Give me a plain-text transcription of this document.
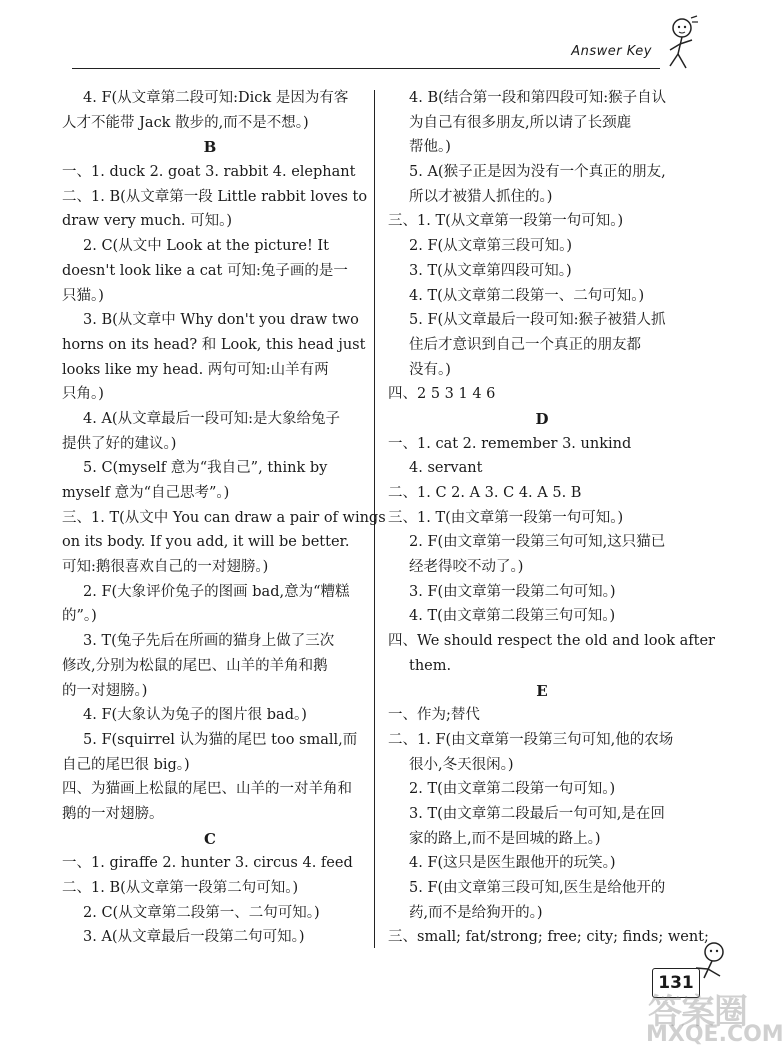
Answer Key
4. F(从文章第二段可知:Dick 是因为有客
人才不能带 Jack 散步的,而不是不想。)
B
一、1. duck 2. goat 3. rabbit 4. elephant
二、1. B(从文章第一段 Little rabbit loves to
draw very much. 可知。)
2. C(从文中 Look at the picture! It
doesn't look like a cat 可知:兔子画的是一
只猫。)
3. B(从文章中 Why don't you draw two
horns on its head? 和 Look, this head just
looks like my head. 两句可知:山羊有两
只角。)
4. A(从文章最后一段可知:是大象给兔子
提供了好的建议。)
5. C(myself 意为“我自己”, think by
myself 意为“自己思考”。)
三、1. T(从文中 You can draw a pair of wings
on its body. If you add, it will be better.
可知:鹅很喜欢自己的一对翅膀。)
2. F(大象评价兔子的图画 bad,意为“糟糕
的”。)
3. T(兔子先后在所画的猫身上做了三次
修改,分别为松鼠的尾巴、山羊的羊角和鹅
的一对翅膀。)
4. F(大象认为兔子的图片很 bad。)
5. F(squirrel 认为猫的尾巴 too small,而
自己的尾巴很 big。)
四、为猫画上松鼠的尾巴、山羊的一对羊角和
鹅的一对翅膀。
C
一、1. giraffe 2. hunter 3. circus 4. feed
二、1. B(从文章第一段第二句可知。)
2. C(从文章第二段第一、二句可知。)
3. A(从文章最后一段第二句可知。)
4. B(结合第一段和第四段可知:猴子自认
为自己有很多朋友,所以请了长颈鹿
帮他。)
5. A(猴子正是因为没有一个真正的朋友,
所以才被猎人抓住的。)
三、1. T(从文章第一段第一句可知。)
2. F(从文章第三段可知。)
3. T(从文章第四段可知。)
4. T(从文章第二段第一、二句可知。)
5. F(从文章最后一段可知:猴子被猎人抓
住后才意识到自己一个真正的朋友都
没有。)
四、2 5 3 1 4 6
D
一、1. cat 2. remember 3. unkind
4. servant
二、1. C 2. A 3. C 4. A 5. B
三、1. T(由文章第一段第一句可知。)
2. F(由文章第一段第三句可知,这只猫已
经老得咬不动了。)
3. F(由文章第一段第二句可知。)
4. T(由文章第二段第三句可知。)
四、We should respect the old and look after
them.
E
一、作为;替代
二、1. F(由文章第一段第三句可知,他的农场
很小,冬天很闲。)
2. T(由文章第二段第一句可知。)
3. T(由文章第二段最后一句可知,是在回
家的路上,而不是回城的路上。)
4. F(这只是医生跟他开的玩笑。)
5. F(由文章第三段可知,医生是给他开的
药,而不是给狗开的。)
三、small; fat/strong; free; city; finds; went;
131
答案圈
MXQE.COM
